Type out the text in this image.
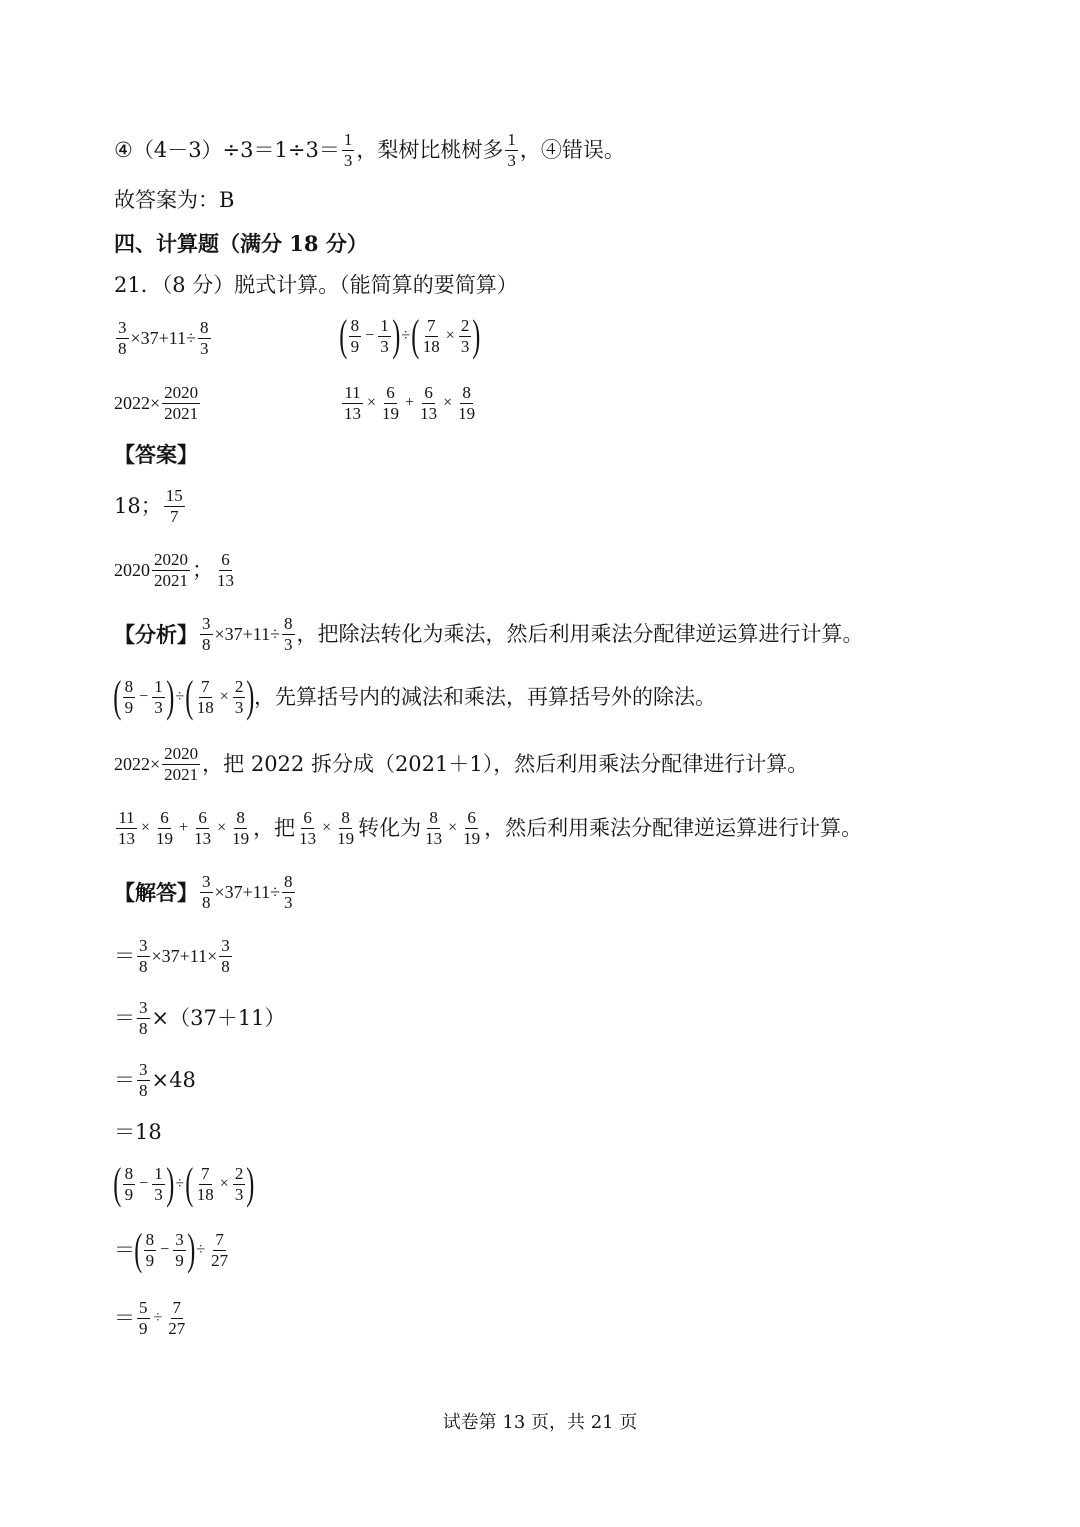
④ $(4-3)\div 3=1\div 3= \frac{1}{3}$ ，梨树比桃树多 $\frac{1}{3}$ ，④错误。
故答案为：B
四、计算题（满分 18 分）
21．（8 分）脱式计算。（能简算的要简算）
$\frac{3}{8} \times 37+11\div \frac{8}{3}$	( $\frac{8}{9} - \frac{1}{3}$ ) ÷ ( $\frac{7}{18} \times \frac{2}{3}$ )
$2022\times \frac{2020}{2021}$	$\frac{11}{13} \times \frac{6}{19} + \frac{6}{13} \times \frac{8}{19}$
【答案】
18； $\frac{15}{7}$
$2020 \frac{2020}{2021}$ ； $\frac{6}{13}$
【分析】 $\frac{3}{8} \times 37+11\div \frac{8}{3}$ ，把除法转化为乘法，然后利用乘法分配律逆运算进行计算。
( $\frac{8}{9} - \frac{1}{3}$ ) ÷ ( $\frac{7}{18} \times \frac{2}{3}$ ) ，先算括号内的减法和乘法，再算括号外的除法。
$2022\times \frac{2020}{2021}$ ，把 2022 拆分成（2021＋1），然后利用乘法分配律进行计算。
$\frac{11}{13} \times \frac{6}{19} + \frac{6}{13} \times \frac{8}{19}$ ，把 $\frac{6}{13} \times \frac{8}{19}$ 转化为 $\frac{8}{13} \times \frac{6}{19}$ ，然后利用乘法分配律逆运算进行计算。
【解答】 $\frac{3}{8} \times 37+11\div \frac{8}{3}$
＝ $\frac{3}{8} \times 37+11\times \frac{3}{8}$
＝ $\frac{3}{8} \times(37+11)$
＝ $\frac{3}{8} \times 48$
＝18
( $\frac{8}{9} - \frac{1}{3}$ ) ÷ ( $\frac{7}{18} \times \frac{2}{3}$ )
＝ ( $\frac{8}{9} - \frac{3}{9}$ ) ÷ $\frac{7}{27}$
＝ $\frac{5}{9} \div \frac{7}{27}$
试卷第 13 页，共 21 页
